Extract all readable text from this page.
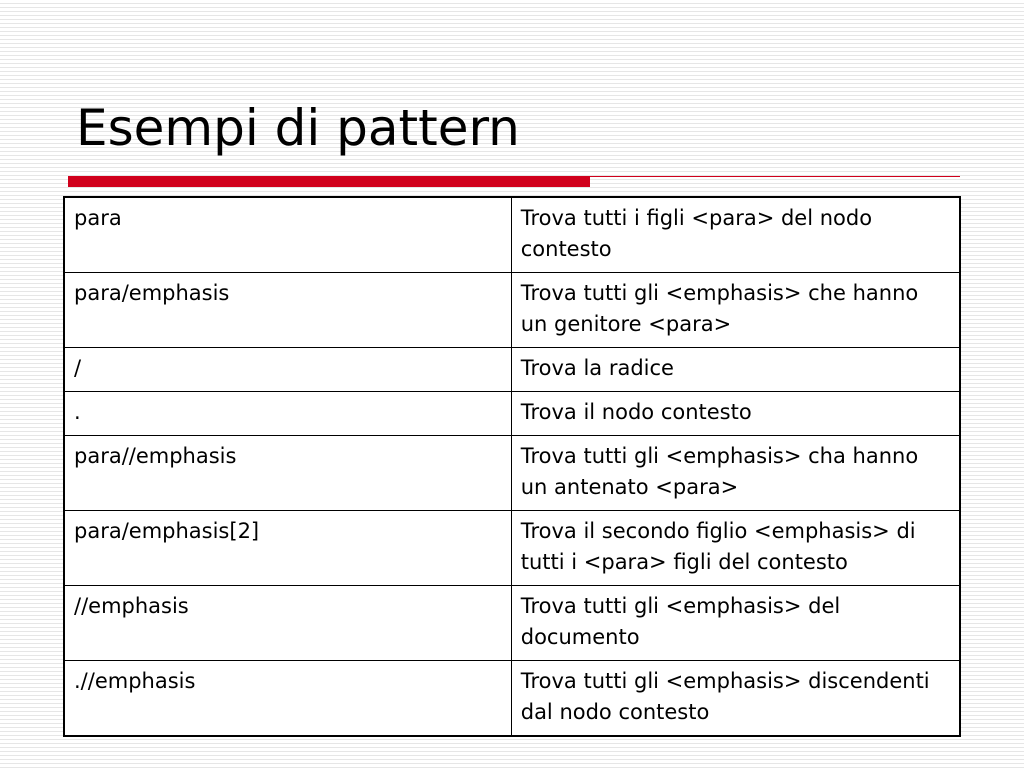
Esempi di pattern
para	Trova tutti i figli <para> del nodo contesto
para/emphasis	Trova tutti gli <emphasis> che hanno un genitore <para>
/	Trova la radice
.	Trova il nodo contesto
para//emphasis	Trova tutti gli <emphasis> cha hanno un antenato <para>
para/emphasis[2]	Trova il secondo figlio <emphasis> di tutti i <para> figli del contesto
//emphasis	Trova tutti gli <emphasis> del documento
.//emphasis	Trova tutti gli <emphasis> discendenti dal nodo contesto
